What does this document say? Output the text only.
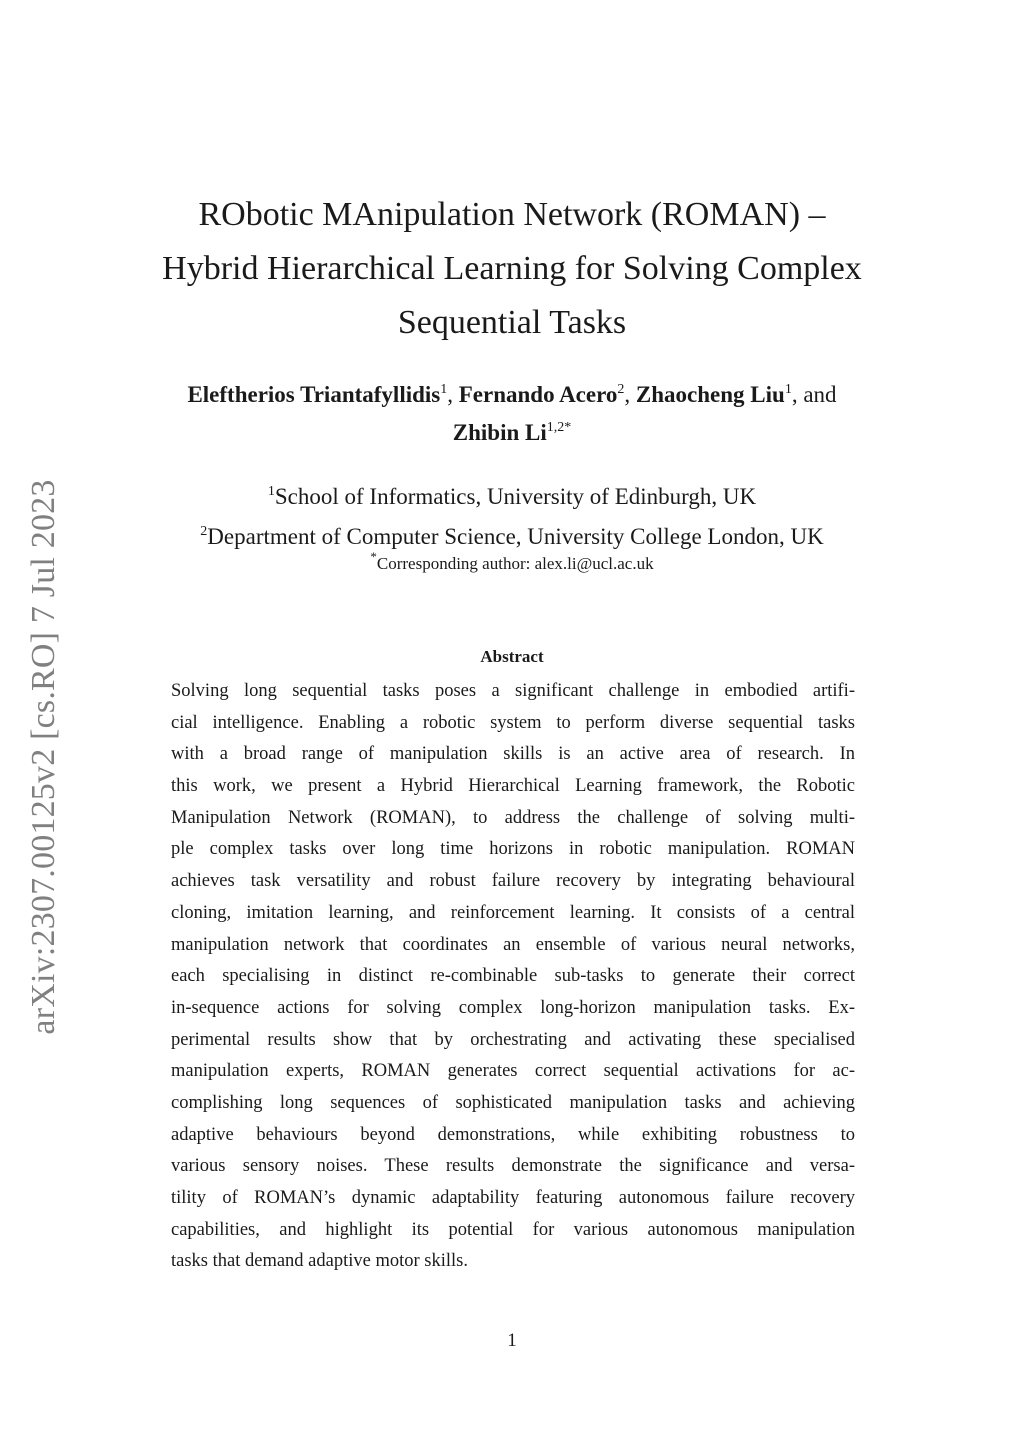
arXiv:2307.00125v2 [cs.RO] 7 Jul 2023
RObotic MAnipulation Network (ROMAN) –
Hybrid Hierarchical Learning for Solving Complex
Sequential Tasks
Eleftherios Triantafyllidis$^1$, Fernando Acero$^2$, Zhaocheng Liu$^1$, and
Zhibin $Li^{1,2*}$
$^1$School of Informatics, University of Edinburgh, UK
$^2$Department of Computer Science, University College London, UK
*Corresponding author: alex.li@ucl.ac.uk
Abstract
Solving long sequential tasks poses a significant challenge in embodied artifi-
cial intelligence. Enabling a robotic system to perform diverse sequential tasks
with a broad range of manipulation skills is an active area of research. In
this work, we present a Hybrid Hierarchical Learning framework, the Robotic
Manipulation Network (ROMAN), to address the challenge of solving multi-
ple complex tasks over long time horizons in robotic manipulation. ROMAN
achieves task versatility and robust failure recovery by integrating behavioural
cloning, imitation learning, and reinforcement learning. It consists of a central
manipulation network that coordinates an ensemble of various neural networks,
each specialising in distinct re-combinable sub-tasks to generate their correct
in-sequence actions for solving complex long-horizon manipulation tasks. Ex-
perimental results show that by orchestrating and activating these specialised
manipulation experts, ROMAN generates correct sequential activations for ac-
complishing long sequences of sophisticated manipulation tasks and achieving
adaptive behaviours beyond demonstrations, while exhibiting robustness to
various sensory noises. These results demonstrate the significance and versa-
tility of ROMAN’s dynamic adaptability featuring autonomous failure recovery
capabilities, and highlight its potential for various autonomous manipulation
tasks that demand adaptive motor skills.
1
